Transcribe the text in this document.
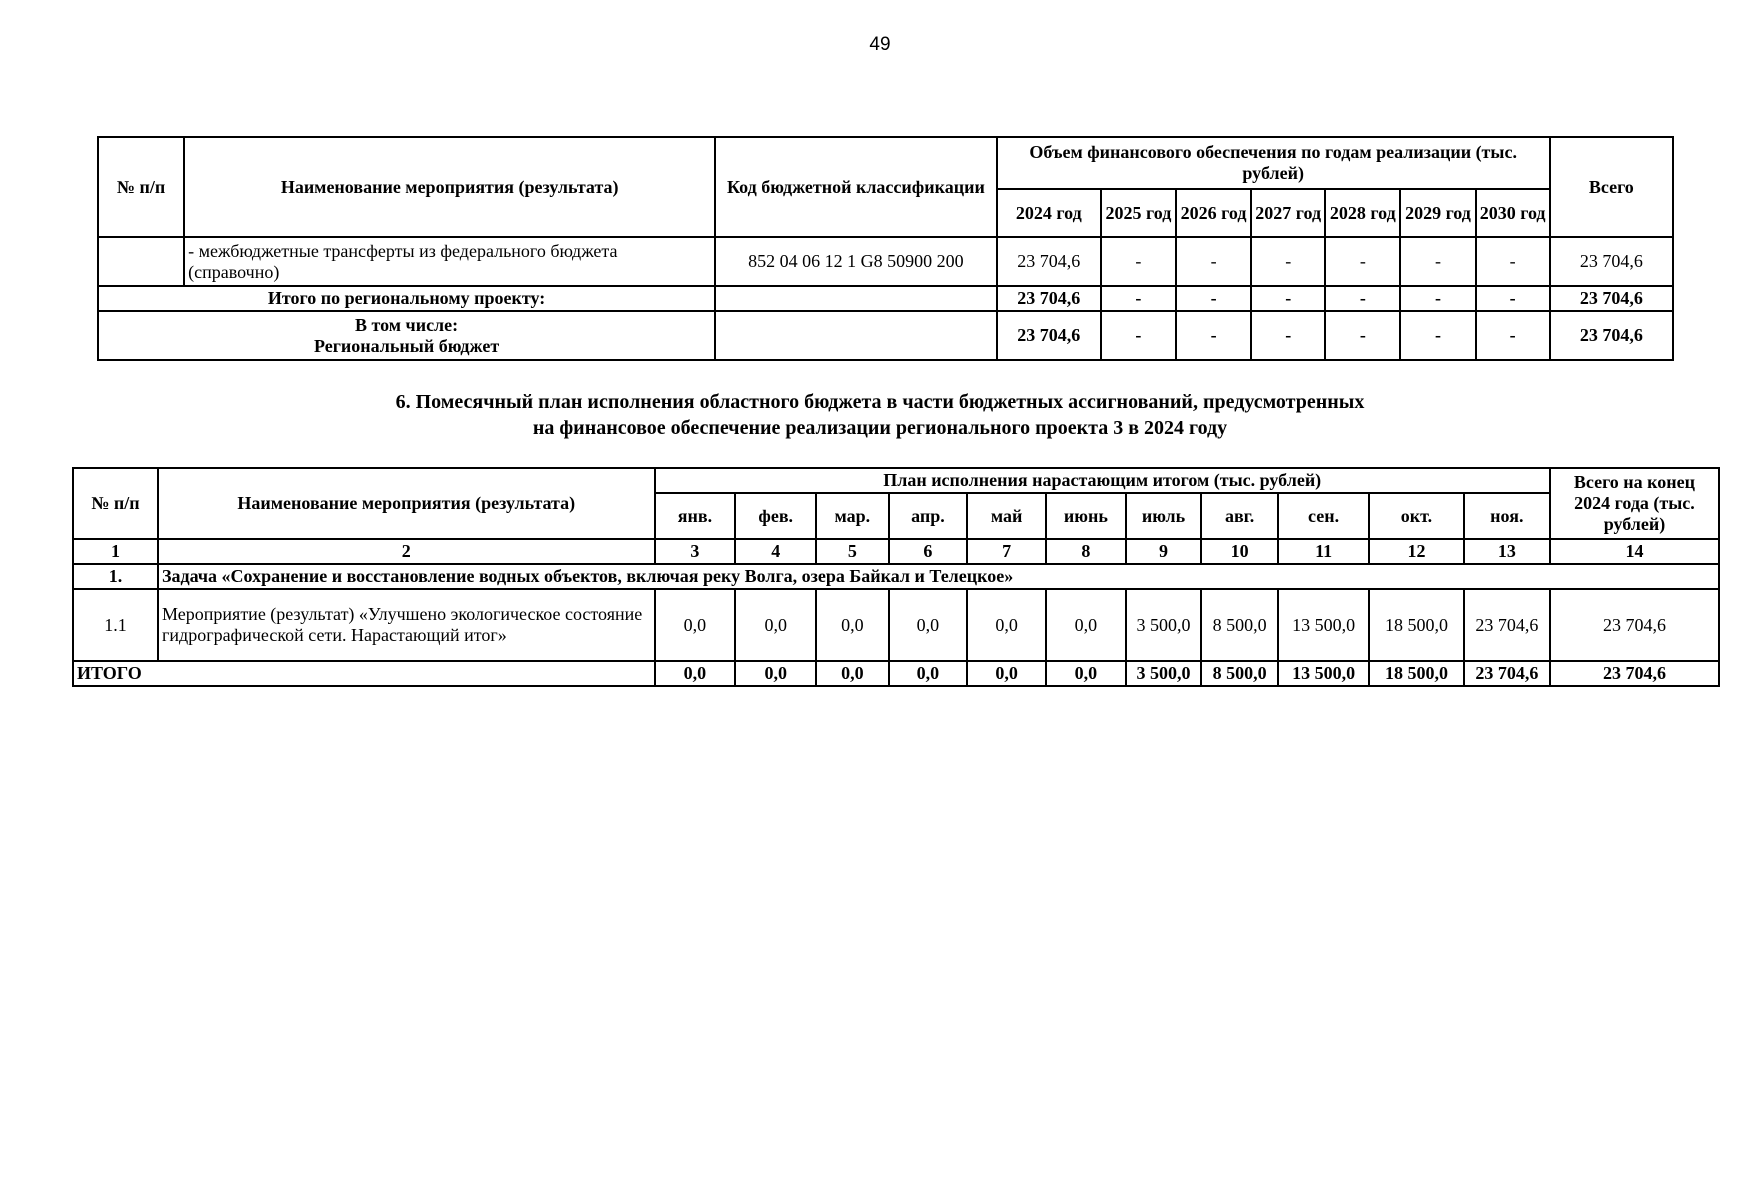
49
№ п/п	Наименование мероприятия (результата)	Код бюджетной классификации	Объем финансового обеспечения по годам реализации (тыс. рублей)							Всего
			2024 год	2025 год	2026 год	2027 год	2028 год	2029 год	2030 год	
	- межбюджетные трансферты из федерального бюджета (справочно)	852 04 06 12 1 G8 50900 200	23 704,6	-	-	-	-	-	-	23 704,6
Итого по региональному проекту:			23 704,6	-	-	-	-	-	-	23 704,6

В том числе:
Региональный бюджет			23 704,6	-	-	-	-	-	-	23 704,6
6. Помесячный план исполнения областного бюджета в части бюджетных ассигнований, предусмотренных
на финансовое обеспечение реализации регионального проекта 3 в 2024 году
№ п/п	Наименование мероприятия (результата)	План исполнения нарастающим итогом (тыс. рублей)											Всего на конец 2024 года (тыс. рублей)
		янв.	фев.	мар.	апр.	май	июнь	июль	авг.	сен.	окт.	ноя.	
1	2	3	4	5	6	7	8	9	10	11	12	13	14
1.	Задача «Сохранение и восстановление водных объектов, включая реку Волга, озера Байкал и Телецкое»												
1.1	Мероприятие (результат) «Улучшено экологическое состояние гидрографической сети. Нарастающий итог»	0,0	0,0	0,0	0,0	0,0	0,0	3 500,0	8 500,0	13 500,0	18 500,0	23 704,6	23 704,6
ИТОГО		0,0	0,0	0,0	0,0	0,0	0,0	3 500,0	8 500,0	13 500,0	18 500,0	23 704,6	23 704,6
